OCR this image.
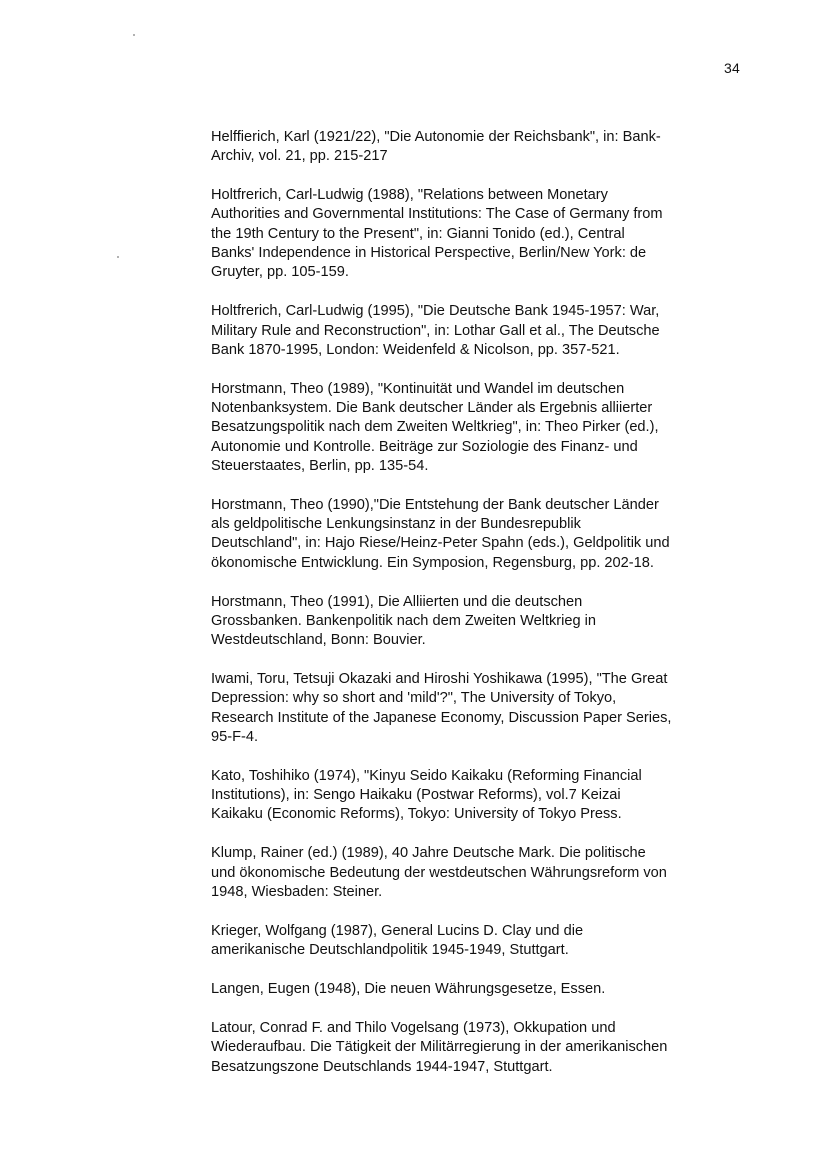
34
Helffierich, Karl (1921/22), "Die Autonomie der Reichsbank", in: Bank-
Archiv, vol. 21, pp. 215-217
Holtfrerich, Carl-Ludwig (1988), "Relations between Monetary
Authorities and Governmental Institutions: The Case of Germany from
the 19th Century to the Present", in: Gianni Tonido (ed.), Central
Banks' Independence in Historical Perspective, Berlin/New York: de
Gruyter, pp. 105-159.
Holtfrerich, Carl-Ludwig (1995), "Die Deutsche Bank 1945-1957: War,
Military Rule and Reconstruction", in: Lothar Gall et al., The Deutsche
Bank 1870-1995, London: Weidenfeld & Nicolson, pp. 357-521.
Horstmann, Theo (1989), "Kontinuität und Wandel im deutschen
Notenbanksystem. Die Bank deutscher Länder als Ergebnis alliierter
Besatzungspolitik nach dem Zweiten Weltkrieg", in: Theo Pirker (ed.),
Autonomie und Kontrolle. Beiträge zur Soziologie des Finanz- und
Steuerstaates, Berlin, pp. 135-54.
Horstmann, Theo (1990),"Die Entstehung der Bank deutscher Länder
als geldpolitische Lenkungsinstanz in der Bundesrepublik
Deutschland", in: Hajo Riese/Heinz-Peter Spahn (eds.), Geldpolitik und
ökonomische Entwicklung. Ein Symposion, Regensburg, pp. 202-18.
Horstmann, Theo (1991), Die Alliierten und die deutschen
Grossbanken. Bankenpolitik nach dem Zweiten Weltkrieg in
Westdeutschland, Bonn: Bouvier.
Iwami, Toru, Tetsuji Okazaki and Hiroshi Yoshikawa (1995), "The Great
Depression: why so short and 'mild'?", The University of Tokyo,
Research Institute of the Japanese Economy, Discussion Paper Series,
95-F-4.
Kato, Toshihiko (1974), "Kinyu Seido Kaikaku (Reforming Financial
Institutions), in: Sengo Haikaku (Postwar Reforms), vol.7 Keizai
Kaikaku (Economic Reforms), Tokyo: University of Tokyo Press.
Klump, Rainer (ed.) (1989), 40 Jahre Deutsche Mark. Die politische
und ökonomische Bedeutung der westdeutschen Währungsreform von
1948, Wiesbaden: Steiner.
Krieger, Wolfgang (1987), General Lucins D. Clay und die
amerikanische Deutschlandpolitik 1945-1949, Stuttgart.
Langen, Eugen (1948), Die neuen Währungsgesetze, Essen.
Latour, Conrad F. and Thilo Vogelsang (1973), Okkupation und
Wiederaufbau. Die Tätigkeit der Militärregierung in der amerikanischen
Besatzungszone Deutschlands 1944-1947, Stuttgart.
